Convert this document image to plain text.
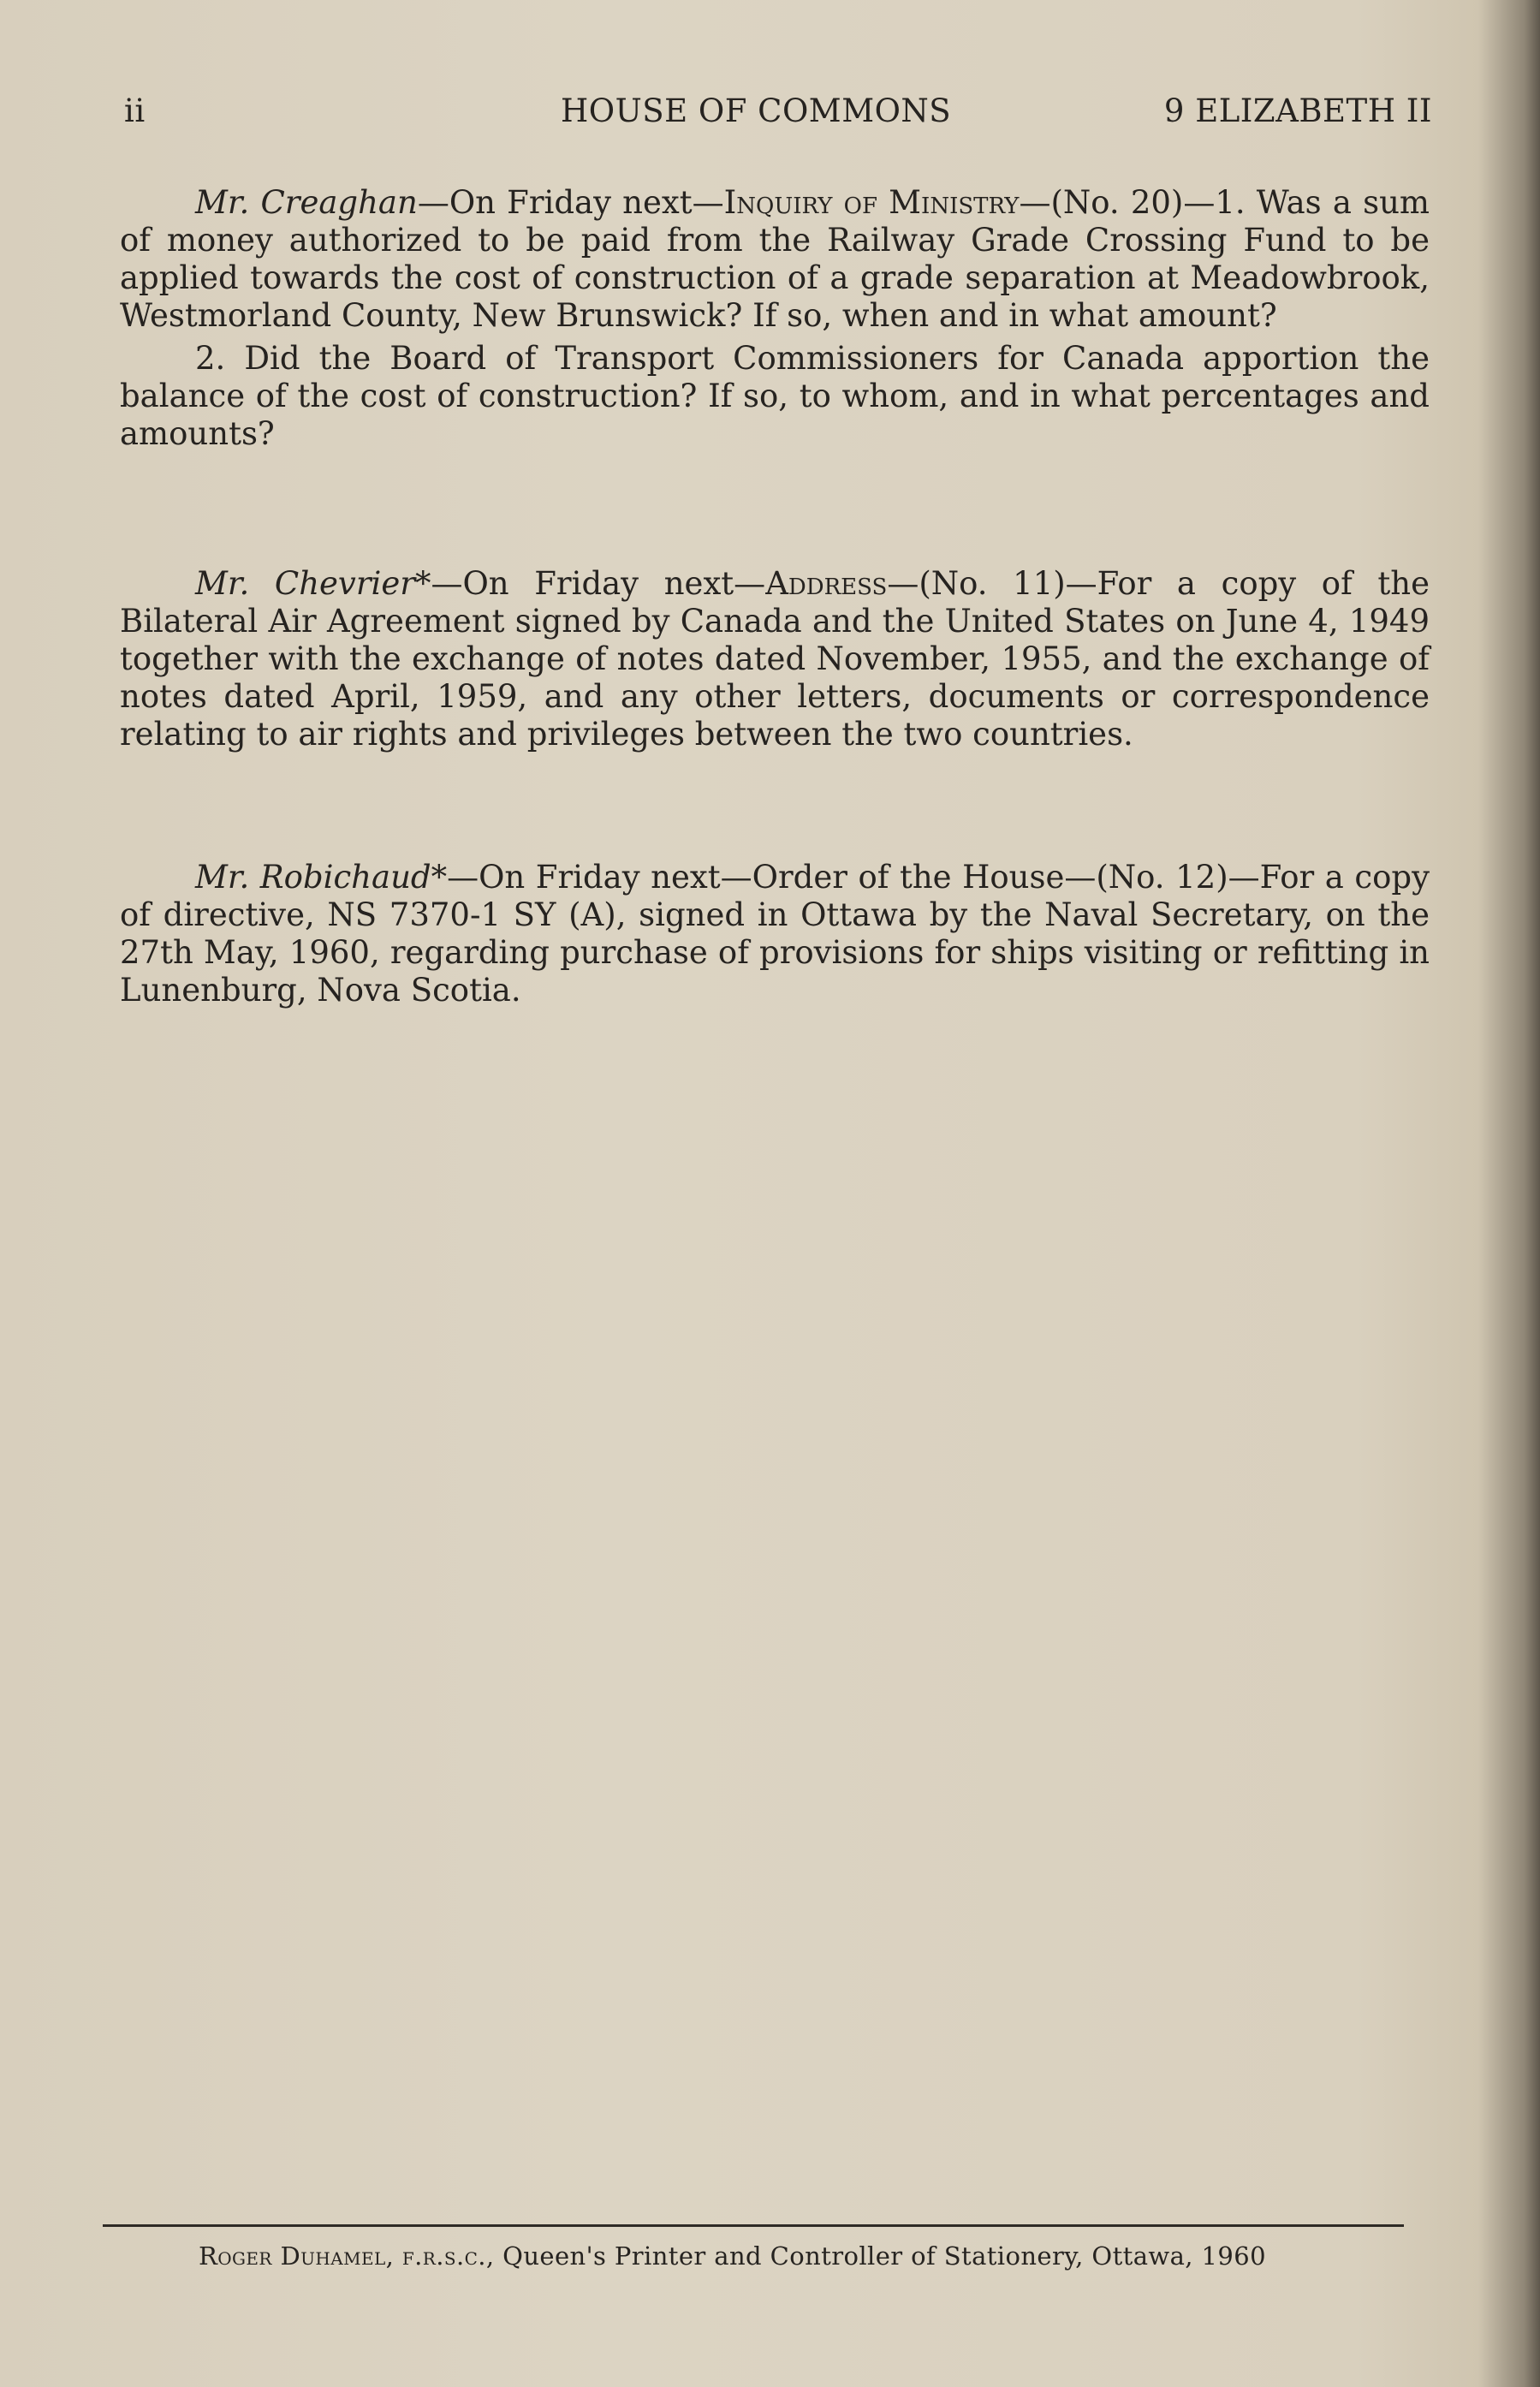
ii	HOUSE OF COMMONS	9 ELIZABETH II

Mr. Creaghan—On Friday next—Inquiry of Ministry—(No. 20)—1. Was a sum of money authorized to be paid from the Railway Grade Crossing Fund to be applied towards the cost of construction of a grade separation at Meadowbrook, Westmorland County, New Brunswick? If so, when and in what amount?

2. Did the Board of Transport Commissioners for Canada apportion the balance of the cost of construction? If so, to whom, and in what percentages and amounts?

Mr. Chevrier*—On Friday next—Address—(No. 11)—For a copy of the Bilateral Air Agreement signed by Canada and the United States on June 4, 1949 together with the exchange of notes dated November, 1955, and the exchange of notes dated April, 1959, and any other letters, documents or correspondence relating to air rights and privileges between the two countries.

Mr. Robichaud*—On Friday next—Order of the House—(No. 12)—For a copy of directive, NS 7370-1 SY (A), signed in Ottawa by the Naval Secretary, on the 27th May, 1960, regarding purchase of provisions for ships visiting or refitting in Lunenburg, Nova Scotia.

Roger Duhamel, f.r.s.c., Queen's Printer and Controller of Stationery, Ottawa, 1960
